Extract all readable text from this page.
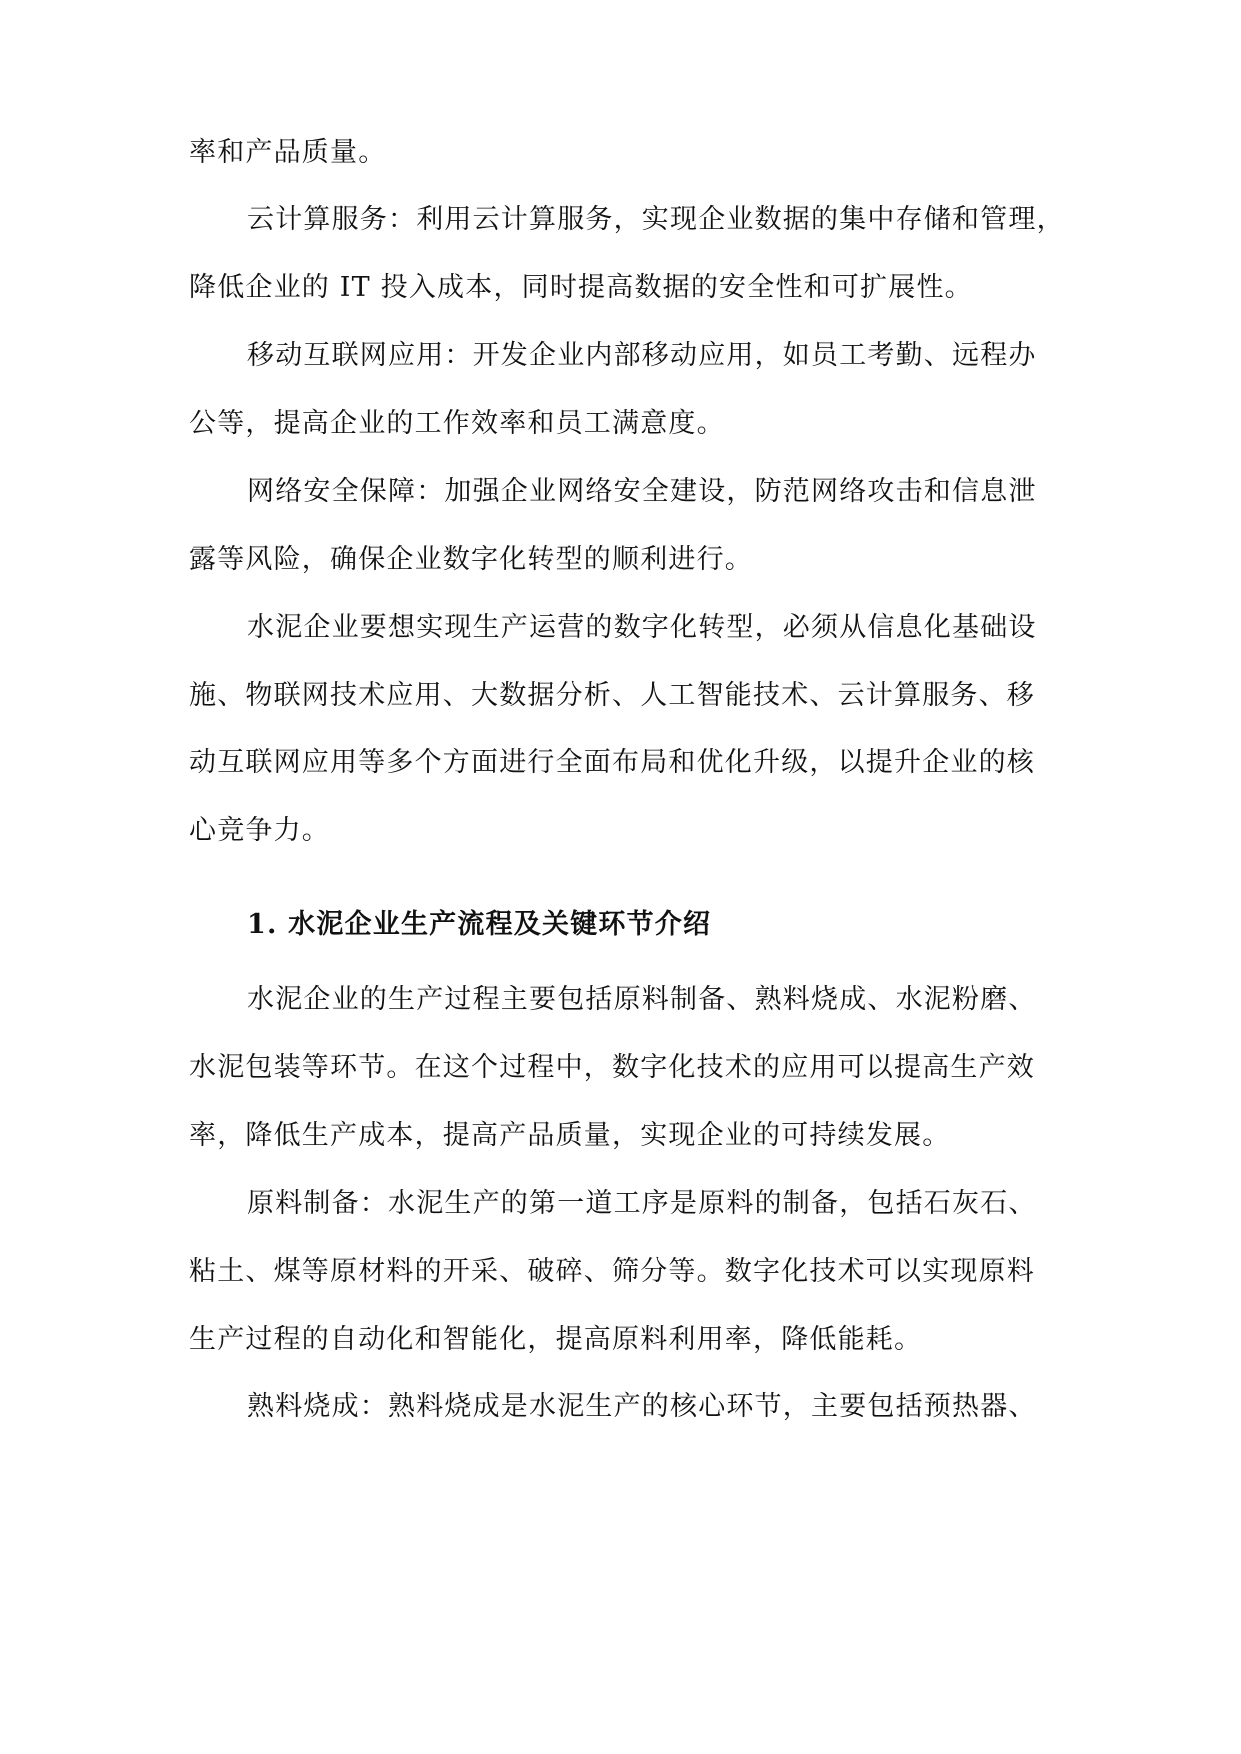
率和产品质量。
云计算服务：利用云计算服务，实现企业数据的集中存储和管理，
降低企业的 IT 投入成本，同时提高数据的安全性和可扩展性。
移动互联网应用：开发企业内部移动应用，如员工考勤、远程办
公等，提高企业的工作效率和员工满意度。
网络安全保障：加强企业网络安全建设，防范网络攻击和信息泄
露等风险，确保企业数字化转型的顺利进行。
水泥企业要想实现生产运营的数字化转型，必须从信息化基础设
施、物联网技术应用、大数据分析、人工智能技术、云计算服务、移
动互联网应用等多个方面进行全面布局和优化升级，以提升企业的核
心竞争力。
1. 水泥企业生产流程及关键环节介绍
水泥企业的生产过程主要包括原料制备、熟料烧成、水泥粉磨、
水泥包装等环节。在这个过程中，数字化技术的应用可以提高生产效
率，降低生产成本，提高产品质量，实现企业的可持续发展。
原料制备：水泥生产的第一道工序是原料的制备，包括石灰石、
粘土、煤等原材料的开采、破碎、筛分等。数字化技术可以实现原料
生产过程的自动化和智能化，提高原料利用率，降低能耗。
熟料烧成：熟料烧成是水泥生产的核心环节，主要包括预热器、
